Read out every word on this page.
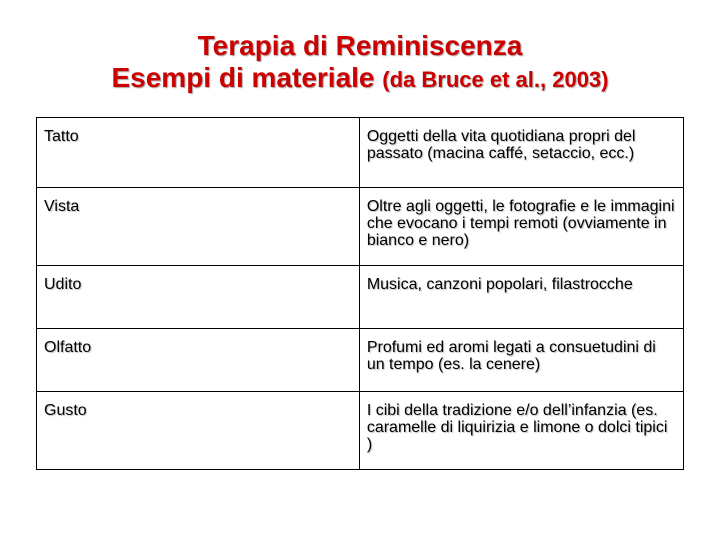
Terapia di Reminiscenza
Esempi di materiale (da Bruce et al., 2003)
Tatto	Oggetti della vita quotidiana propri del passato (macina caffé, setaccio, ecc.)
Vista	Oltre agli oggetti, le fotografie e le immagini che evocano i tempi remoti (ovviamente in bianco e nero)
Udito	Musica, canzoni popolari, filastrocche
Olfatto	Profumi ed aromi legati a consuetudini di un tempo (es. la cenere)
Gusto	I cibi della tradizione e/o dell’infanzia (es. caramelle di liquirizia e limone o dolci tipici )
